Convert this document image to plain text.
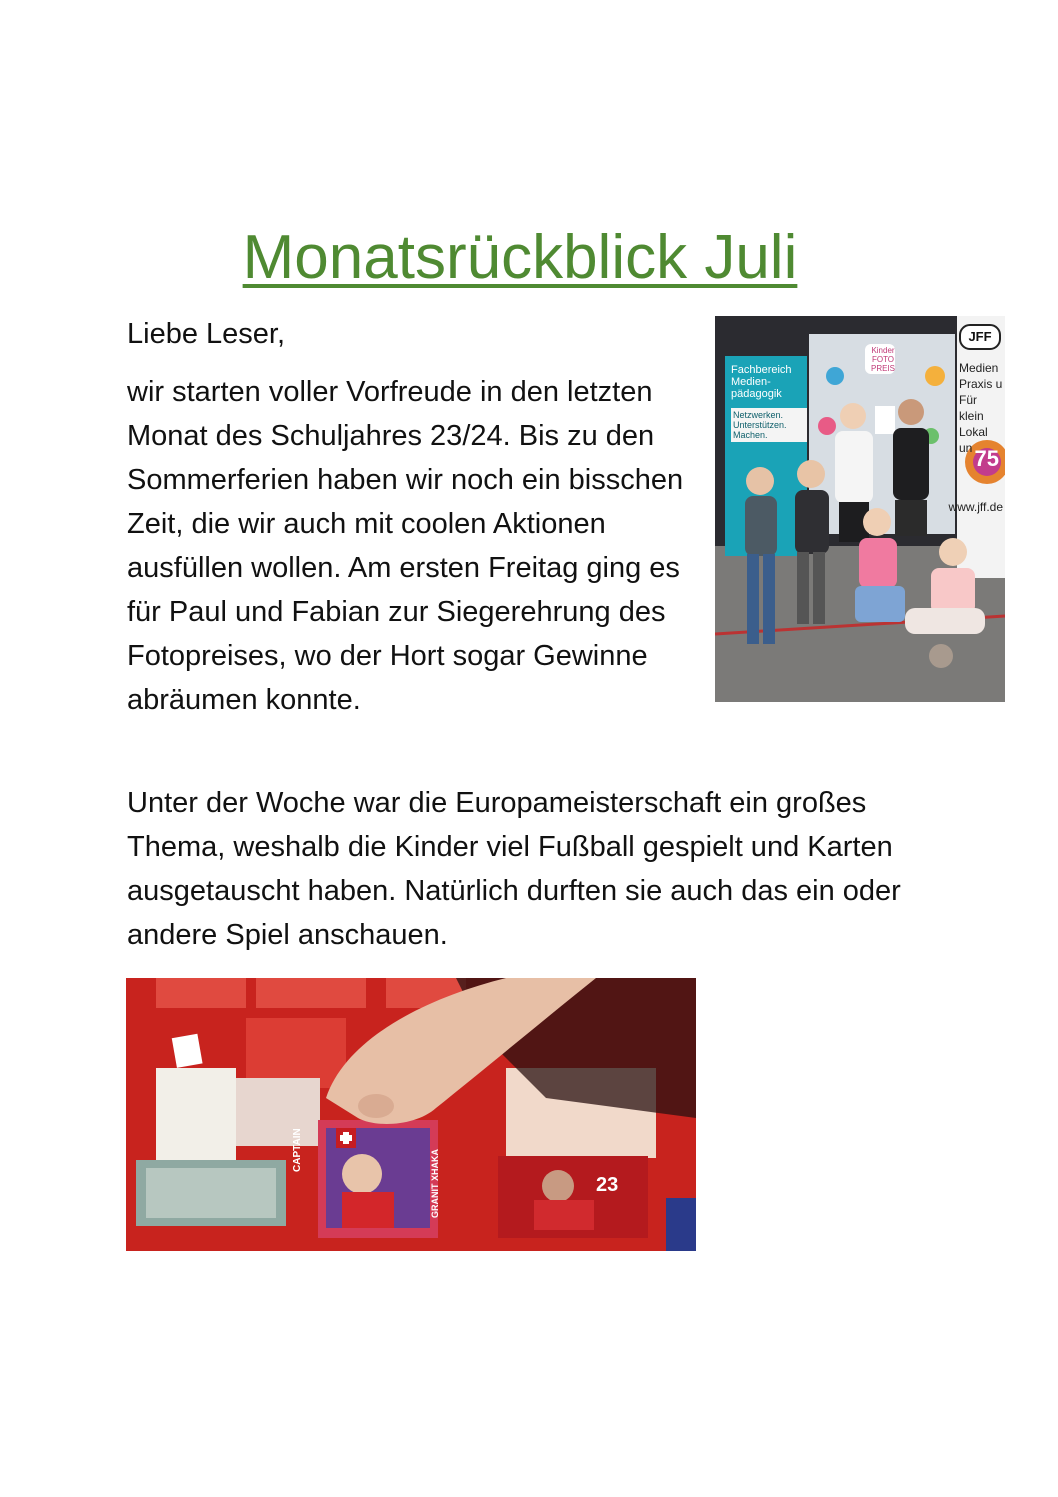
Monatsrückblick Juli

Liebe Leser,

wir starten voller Vorfreude in den letzten Monat des Schuljahres 23/24. Bis zu den Sommerferien haben wir noch ein bisschen Zeit, die wir auch mit coolen Aktionen ausfüllen wollen. Am ersten Freitag ging es für Paul und Fabian zur Siegerehrung des Fotopreises, wo der Hort sogar Gewinne abräumen konnte.

Fachbereich Medien-pädagogik
Netzwerken. Unterstützen. Machen.
Kinder FOTO PREIS
JFF
Medien Praxis u Für klein Lokal un 75
www.jff.de

Unter der Woche war die Europameisterschaft ein großes Thema, weshalb die Kinder viel Fußball gespielt und Karten ausgetauscht haben. Natürlich durften sie auch das ein oder andere Spiel anschauen.

CAPTAIN	GRANIT XHAKA	23
